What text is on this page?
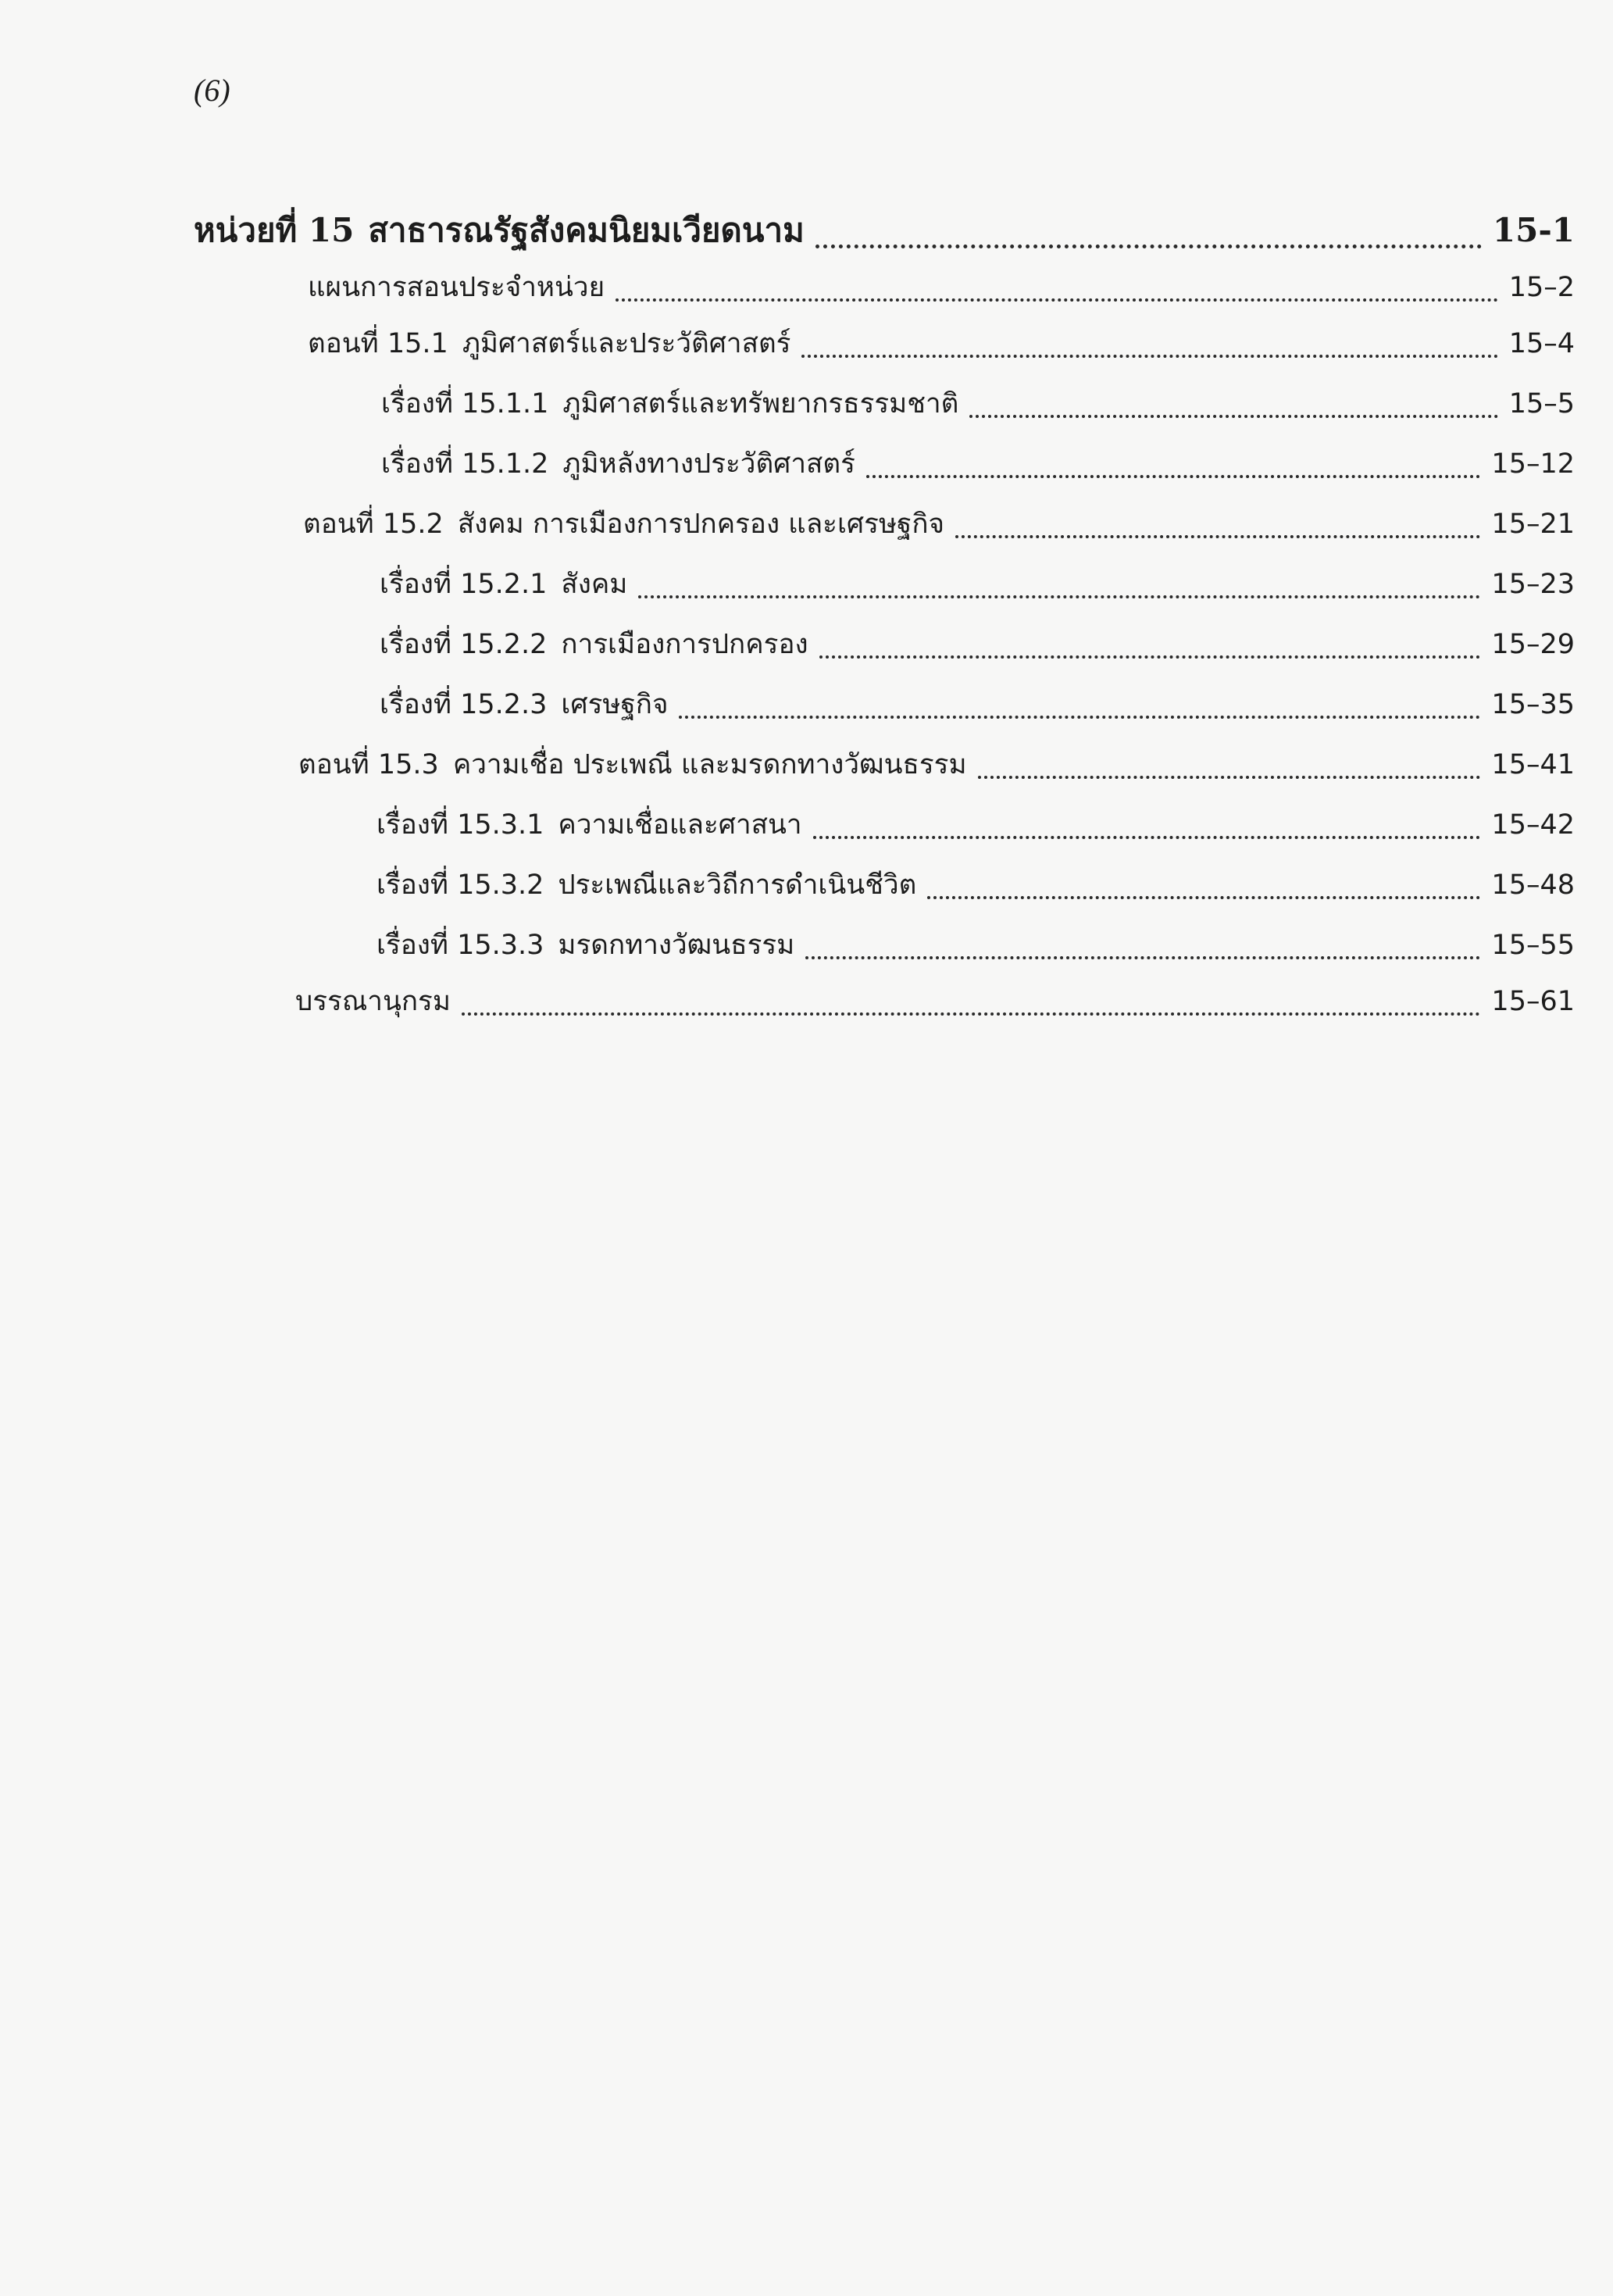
(6)
หน่วยที่ 15 สาธารณรัฐสังคมนิยมเวียดนาม	15-1
แผนการสอนประจำหน่วย	15–2
ตอนที่ 15.1 ภูมิศาสตร์และประวัติศาสตร์	15–4
เรื่องที่ 15.1.1 ภูมิศาสตร์และทรัพยากรธรรมชาติ	15–5
เรื่องที่ 15.1.2 ภูมิหลังทางประวัติศาสตร์	15–12
ตอนที่ 15.2 สังคม การเมืองการปกครอง และเศรษฐกิจ	15–21
เรื่องที่ 15.2.1 สังคม	15–23
เรื่องที่ 15.2.2 การเมืองการปกครอง	15–29
เรื่องที่ 15.2.3 เศรษฐกิจ	15–35
ตอนที่ 15.3 ความเชื่อ ประเพณี และมรดกทางวัฒนธรรม	15–41
เรื่องที่ 15.3.1 ความเชื่อและศาสนา	15–42
เรื่องที่ 15.3.2 ประเพณีและวิถีการดำเนินชีวิต	15–48
เรื่องที่ 15.3.3 มรดกทางวัฒนธรรม	15–55
บรรณานุกรม	15–61
